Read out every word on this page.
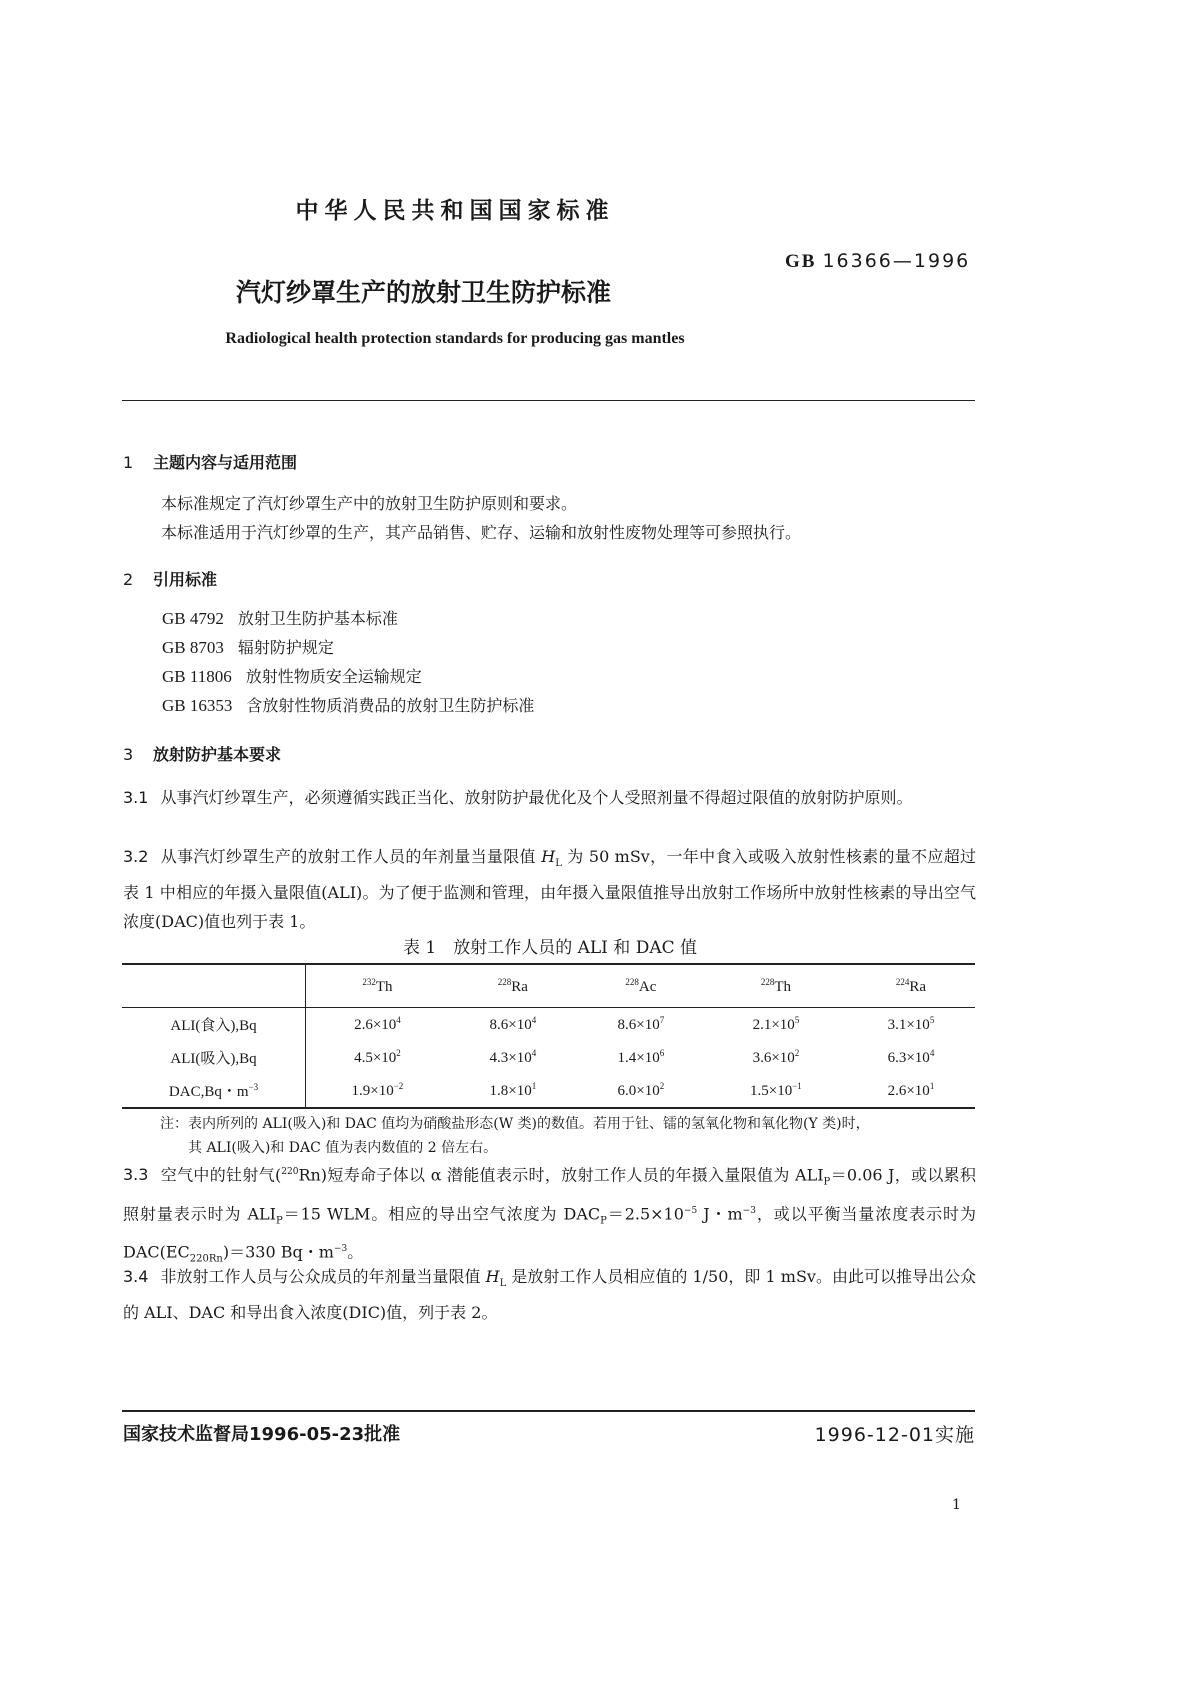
中华人民共和国国家标准
GB 16366—1996
汽灯纱罩生产的放射卫生防护标准
Radiological health protection standards for producing gas mantles
1 主题内容与适用范围
本标准规定了汽灯纱罩生产中的放射卫生防护原则和要求。
本标准适用于汽灯纱罩的生产，其产品销售、贮存、运输和放射性废物处理等可参照执行。
2 引用标准
3 放射防护基本要求
3.1 从事汽灯纱罩生产，必须遵循实践正当化、放射防护最优化及个人受照剂量不得超过限值的放射防护原则。
3.2 从事汽灯纱罩生产的放射工作人员的年剂量当量限值 $H_L$ 为 50 mSv，一年中食入或吸入放射性核素的量不应超过表 1 中相应的年摄入量限值(ALI)。为了便于监测和管理，由年摄入量限值推导出放射工作场所中放射性核素的导出空气浓度(DAC)值也列于表 1。
表 1　放射工作人员的 ALI 和 DAC 值
	$^{232}$Th	$^{228}$Ra	$^{228}$Ac	$^{228}$Th	$^{224}$Ra
ALI(食入),Bq	$2.6\times 10^4$	$8.6\times 10^4$	$8.6\times 10^7$	$2.1\times 10^5$	$3.1\times 10^5$
ALI(吸入),Bq	$4.5\times 10^2$	$4.3\times 10^4$	$1.4\times 10^6$	$3.6\times 10^2$	$6.3\times 10^4$
DAC,Bq・$m^{-3}$	$1.9\times 10^{-2}$	$1.8\times 10^1$	$6.0\times 10^2$	$1.5\times 10^{-1}$	$2.6\times 10^1$
注：表内所列的 ALI(吸入)和 DAC 值均为硝酸盐形态(W 类)的数值。若用于钍、镭的氢氧化物和氧化物(Y 类)时，
其 ALI(吸入)和 DAC 值为表内数值的 2 倍左右。
3.3 空气中的钍射气($^{220}$Rn)短寿命子体以 α 潜能值表示时，放射工作人员的年摄入量限值为 $ALI_P=0.06$ J，或以累积照射量表示时为 $ALI_P=15$ WLM。相应的导出空气浓度为 $DAC_P=2.5\times 10^{-5}$ J・$m^{-3}$，或以平衡当量浓度表示时为 $DAC(EC_{220Rn})=330$ Bq・$m^{-3}$。
3.4 非放射工作人员与公众成员的年剂量当量限值 $H_L$ 是放射工作人员相应值的 1/50，即 1 mSv。由此可以推导出公众的 ALI、DAC 和导出食入浓度(DIC)值，列于表 2。
国家技术监督局1996-05-23批准	1996-12-01实施
1
GB 4792 放射卫生防护基本标准
GB 8703 辐射防护规定
GB 11806 放射性物质安全运输规定
GB 16353 含放射性物质消费品的放射卫生防护标准
